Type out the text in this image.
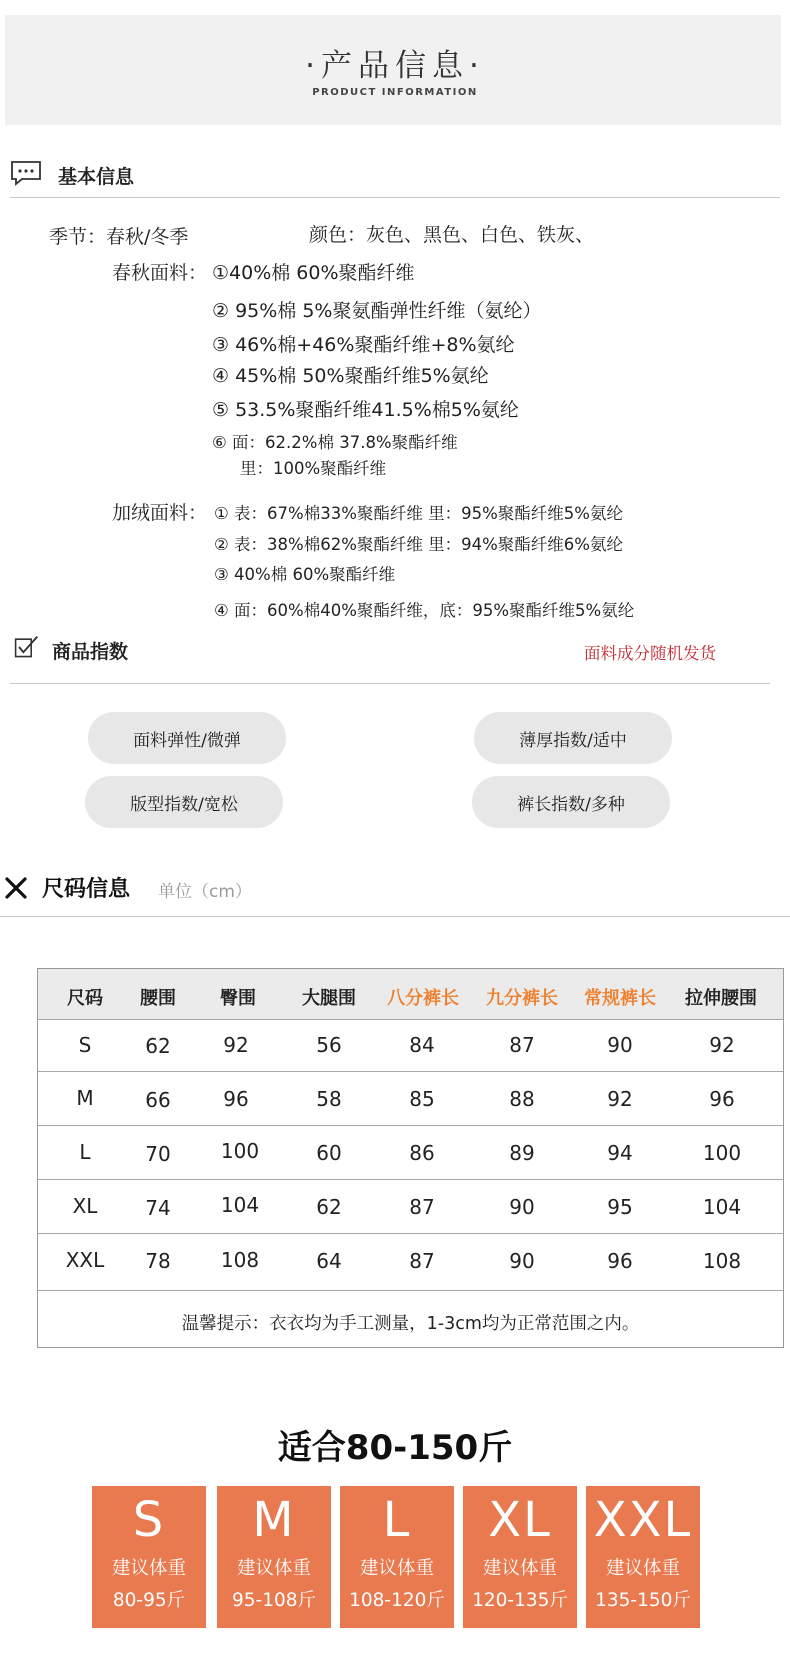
·产品信息·
PRODUCT INFORMATION
基本信息
季节：春秋/冬季	颜色：灰色、黑色、白色、铁灰、
春秋面料： ①40%棉 60%聚酯纤维
② 95%棉 5%聚氨酯弹性纤维（氨纶）
③ 46%棉+46%聚酯纤维+8%氨纶
④ 45%棉 50%聚酯纤维5%氨纶
⑤ 53.5%聚酯纤维41.5%棉5%氨纶
⑥ 面：62.2%棉 37.8%聚酯纤维
里：100%聚酯纤维
加绒面料： ① 表：67%棉33%聚酯纤维 里：95%聚酯纤维5%氨纶
② 表：38%棉62%聚酯纤维 里：94%聚酯纤维6%氨纶
③ 40%棉 60%聚酯纤维
④ 面：60%棉40%聚酯纤维，底：95%聚酯纤维5%氨纶
商品指数	面料成分随机发货
面料弹性/微弹	薄厚指数/适中
版型指数/宽松	裤长指数/多种
尺码信息 单位（cm）
尺码 腰围 臀围	大腿围 八分裤长 九分裤长 常规裤长 拉伸腰围
S	62	92	56	84	87	90	92
M	66	96	58	85	88	92	96
L	70	100	60	86	89	94	100
XL 74	104	62	87	90	95	104
XXL 78	108	64	87	90	96	108
温馨提示：衣衣均为手工测量，1-3cm均为正常范围之内。
适合80-150斤
S
建议体重
80-95斤
M
建议体重
95-108斤
L
建议体重
108-120斤
XL
建议体重
120-135斤
XXL
建议体重
135-150斤
